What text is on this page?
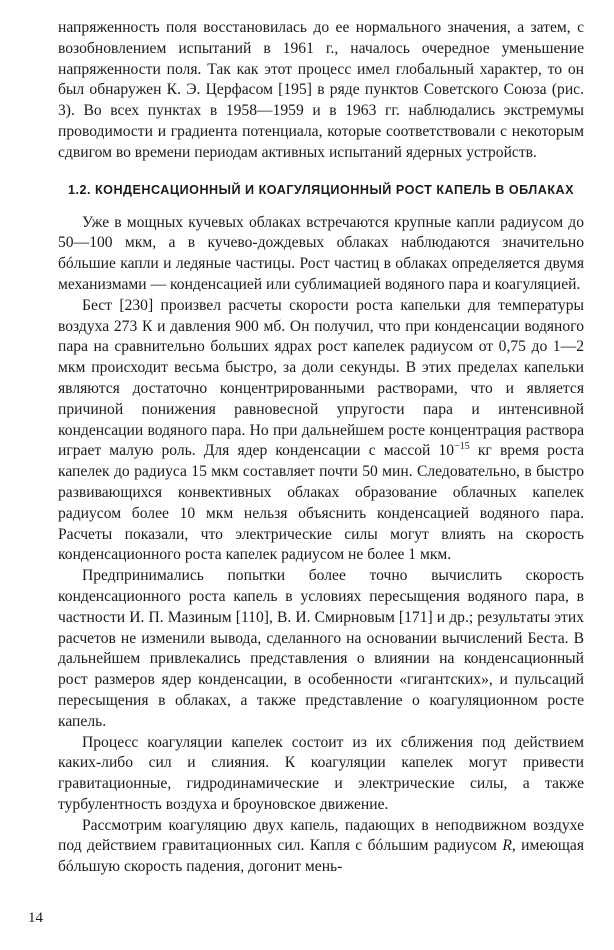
напряженность поля восстановилась до ее нормального значения, а затем, с возобновлением испытаний в 1961 г., началось очередное уменьшение напряженности поля. Так как этот процесс имел глобальный характер, то он был обнаружен К. Э. Церфасом [195] в ряде пунктов Советского Союза (рис. 3). Во всех пунктах в 1958—1959 и в 1963 гг. наблюдались экстремумы проводимости и градиента потенциала, которые соответствовали с некоторым сдвигом во времени периодам активных испытаний ядерных устройств.

1.2. КОНДЕНСАЦИОННЫЙ И КОАГУЛЯЦИОННЫЙ РОСТ КАПЕЛЬ В ОБЛАКАХ

Уже в мощных кучевых облаках встречаются крупные капли радиусом до 50—100 мкм, а в кучево-дождевых облаках наблюдаются значительно бóльшие капли и ледяные частицы. Рост частиц в облаках определяется двумя механизмами — конденсацией или сублимацией водяного пара и коагуляцией.

Бест [230] произвел расчеты скорости роста капельки для температуры воздуха 273 К и давления 900 мб. Он получил, что при конденсации водяного пара на сравнительно больших ядрах рост капелек радиусом от 0,75 до 1—2 мкм происходит весьма быстро, за доли секунды. В этих пределах капельки являются достаточно концентрированными растворами, что и является причиной понижения равновесной упругости пара и интенсивной конденсации водяного пара. Но при дальнейшем росте концентрация раствора играет малую роль. Для ядер конденсации с массой $10^{-15}$ кг время роста капелек до радиуса 15 мкм составляет почти 50 мин. Следовательно, в быстро развивающихся конвективных облаках образование облачных капелек радиусом более 10 мкм нельзя объяснить конденсацией водяного пара. Расчеты показали, что электрические силы могут влиять на скорость конденсационного роста капелек радиусом не более 1 мкм.

Предпринимались попытки более точно вычислить скорость конденсационного роста капель в условиях пересыщения водяного пара, в частности И. П. Мазиным [110], В. И. Смирновым [171] и др.; результаты этих расчетов не изменили вывода, сделанного на основании вычислений Беста. В дальнейшем привлекались представления о влиянии на конденсационный рост размеров ядер конденсации, в особенности «гигантских», и пульсаций пересыщения в облаках, а также представление о коагуляционном росте капель.

Процесс коагуляции капелек состоит из их сближения под действием каких-либо сил и слияния. К коагуляции капелек могут привести гравитационные, гидродинамические и электрические силы, а также турбулентность воздуха и броуновское движение.

Рассмотрим коагуляцию двух капель, падающих в неподвижном воздухе под действием гравитационных сил. Капля с бóльшим радиусом R, имеющая бóльшую скорость падения, догонит мень-

14
